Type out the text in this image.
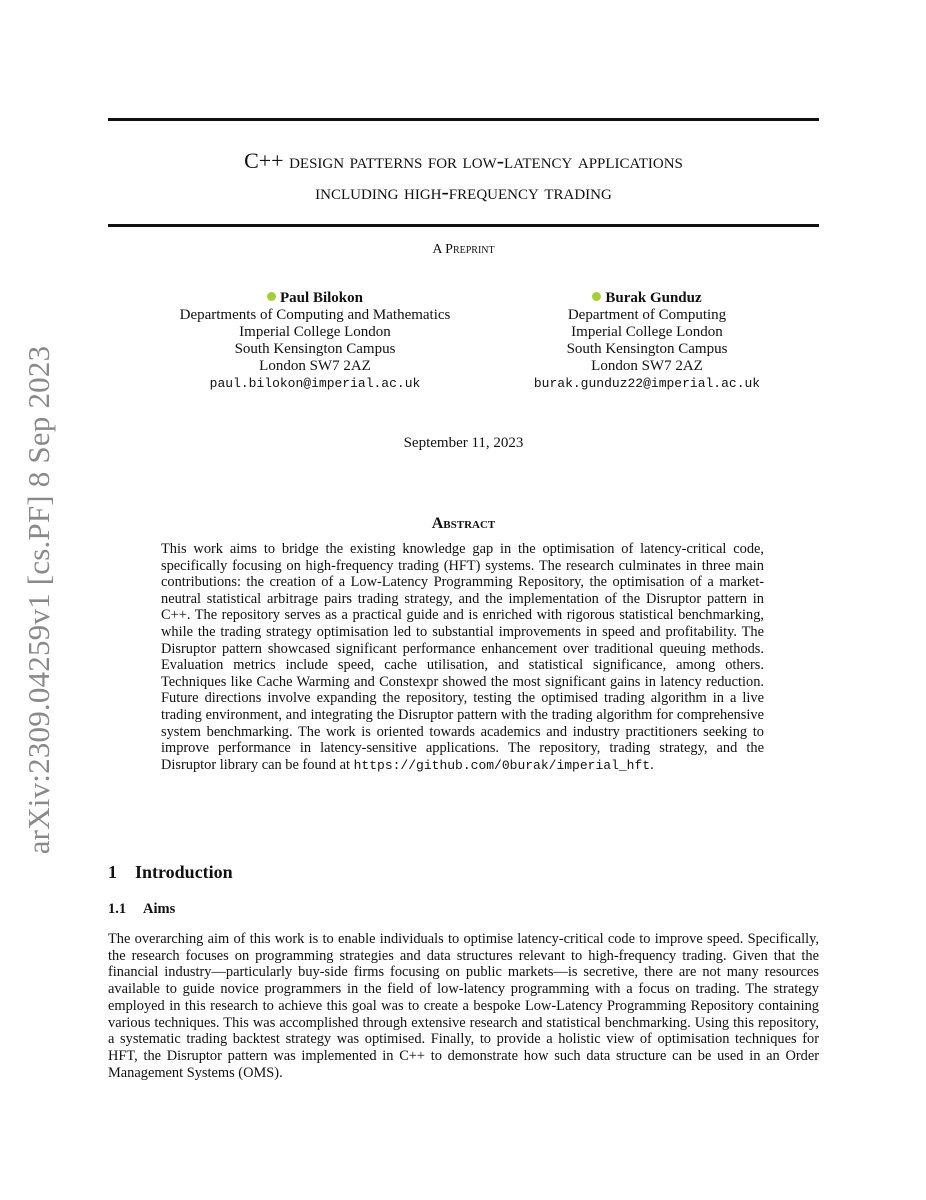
arXiv:2309.04259v1 [cs.PF] 8 Sep 2023
C++ design patterns for low-latency applications
including high-frequency trading
A Preprint
Paul Bilokon
Departments of Computing and Mathematics
Imperial College London
South Kensington Campus
London SW7 2AZ
paul.bilokon@imperial.ac.uk
Burak Gunduz
Department of Computing
Imperial College London
South Kensington Campus
London SW7 2AZ
burak.gunduz22@imperial.ac.uk
September 11, 2023
Abstract
This work aims to bridge the existing knowledge gap in the optimisation of latency-critical code, specifically focusing on high-frequency trading (HFT) systems. The research culminates in three main contributions: the creation of a Low-Latency Programming Repository, the optimisation of a market-neutral statistical arbitrage pairs trading strategy, and the implementation of the Disruptor pattern in C++. The repository serves as a practical guide and is enriched with rigorous statistical benchmarking, while the trading strategy optimisation led to substantial improvements in speed and profitability. The Disruptor pattern showcased significant performance enhancement over traditional queuing methods. Evaluation metrics include speed, cache utilisation, and statistical significance, among others. Techniques like Cache Warming and Constexpr showed the most significant gains in latency reduction. Future directions involve expanding the repository, testing the optimised trading algorithm in a live trading environment, and integrating the Disruptor pattern with the trading algorithm for comprehensive system benchmarking. The work is oriented towards academics and industry practitioners seeking to improve performance in latency-sensitive applications. The repository, trading strategy, and the Disruptor library can be found at https://github.com/0burak/imperial_hft.
1 Introduction
1.1 Aims
The overarching aim of this work is to enable individuals to optimise latency-critical code to improve speed. Specifically, the research focuses on programming strategies and data structures relevant to high-frequency trading. Given that the financial industry—particularly buy-side firms focusing on public markets—is secretive, there are not many resources available to guide novice programmers in the field of low-latency programming with a focus on trading. The strategy employed in this research to achieve this goal was to create a bespoke Low-Latency Programming Repository containing various techniques. This was accomplished through extensive research and statistical benchmarking. Using this repository, a systematic trading backtest strategy was optimised. Finally, to provide a holistic view of optimisation techniques for HFT, the Disruptor pattern was implemented in C++ to demonstrate how such data structure can be used in an Order Management Systems (OMS).
